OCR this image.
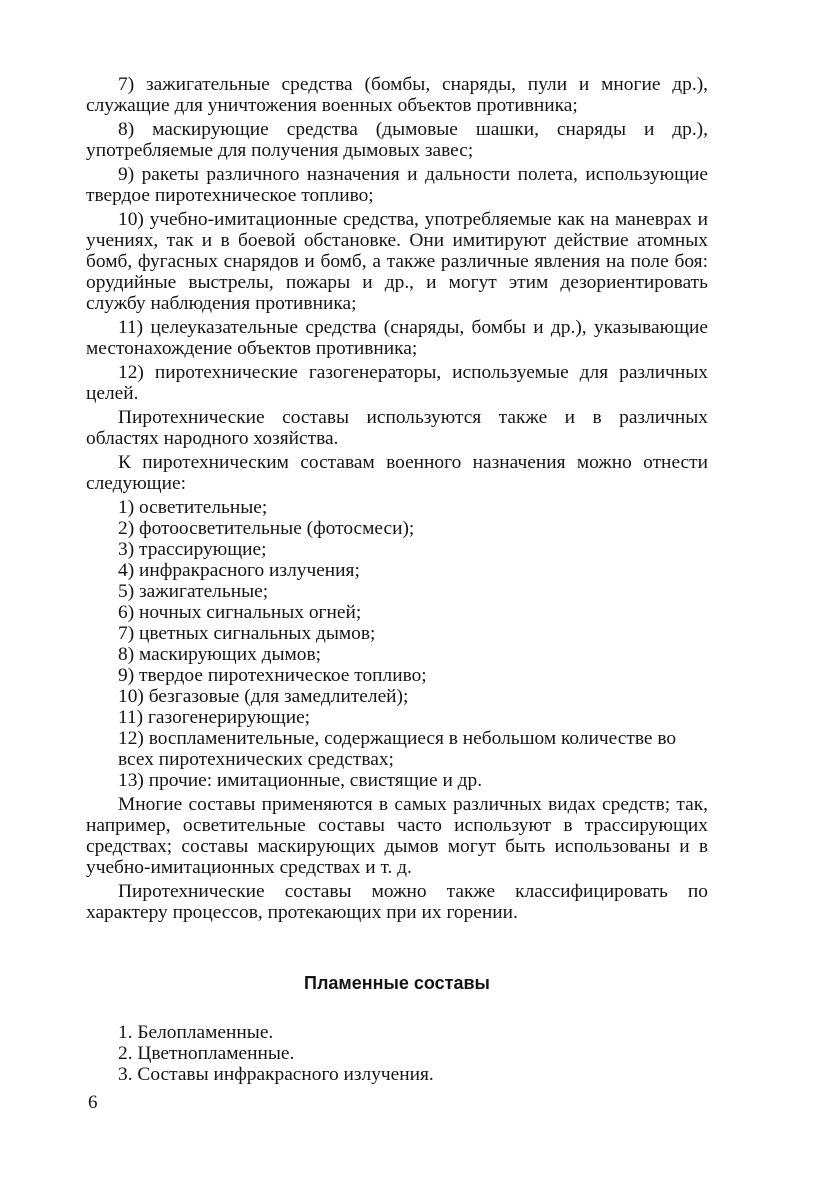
7) зажигательные средства (бомбы, снаряды, пули и многие др.), служащие для уничтожения военных объектов противника;

8) маскирующие средства (дымовые шашки, снаряды и др.), употребляемые для получения дымовых завес;

9) ракеты различного назначения и дальности полета, использующие твердое пиротехническое топливо;

10) учебно-имитационные средства, употребляемые как на маневрах и учениях, так и в боевой обстановке. Они имитируют действие атомных бомб, фугасных снарядов и бомб, а также различные явления на поле боя: орудийные выстрелы, пожары и др., и могут этим дезориентировать службу наблюдения противника;

11) целеуказательные средства (снаряды, бомбы и др.), указывающие местонахождение объектов противника;

12) пиротехнические газогенераторы, используемые для различных целей.

Пиротехнические составы используются также и в различных областях народного хозяйства.

К пиротехническим составам военного назначения можно отнести следующие:

1) осветительные;
2) фотоосветительные (фотосмеси);
3) трассирующие;
4) инфракрасного излучения;
5) зажигательные;
6) ночных сигнальных огней;
7) цветных сигнальных дымов;
8) маскирующих дымов;
9) твердое пиротехническое топливо;
10) безгазовые (для замедлителей);
11) газогенерирующие;
12) воспламенительные, содержащиеся в небольшом количестве во всех пиротехнических средствах;
13) прочие: имитационные, свистящие и др.

Многие составы применяются в самых различных видах средств; так, например, осветительные составы часто используют в трассирующих средствах; составы маскирующих дымов могут быть использованы и в учебно-имитационных средствах и т. д.

Пиротехнические составы можно также классифицировать по характеру процессов, протекающих при их горении.

Пламенные составы
1. Белопламенные.
2. Цветнопламенные.
3. Составы инфракрасного излучения.
6
